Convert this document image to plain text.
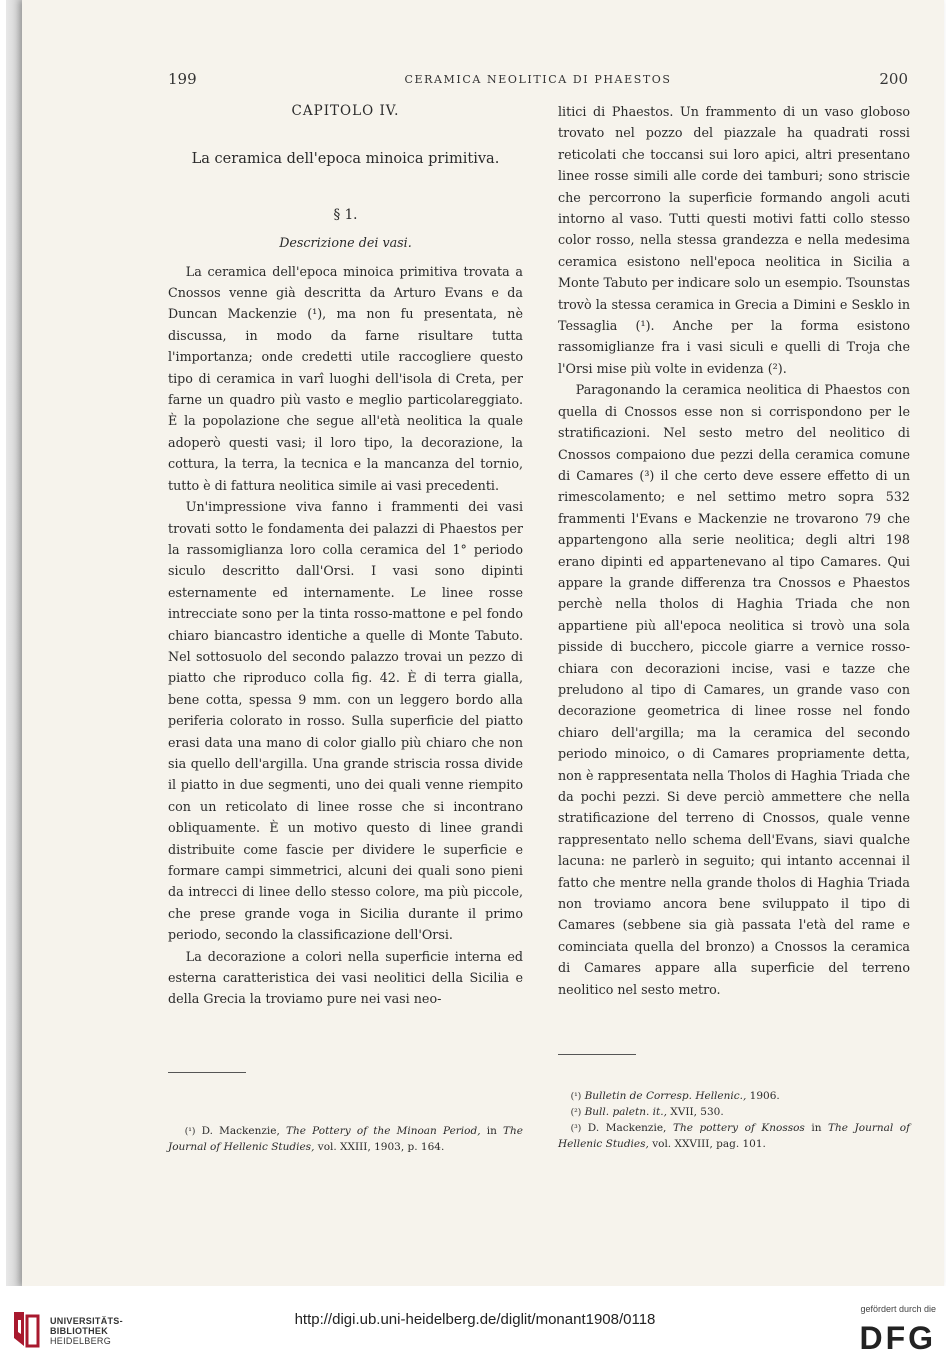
199	CERAMICA NEOLITICA DI PHAESTOS	200
CAPITOLO IV.
La ceramica dell'epoca minoica primitiva.
§ 1.
Descrizione dei vasi.

La ceramica dell'epoca minoica primitiva trovata a Cnossos venne già descritta da Arturo Evans e da Duncan Mackenzie (¹), ma non fu presentata, nè discussa, in modo da farne risultare tutta l'importanza; onde credetti utile raccogliere questo tipo di ceramica in varî luoghi dell'isola di Creta, per farne un quadro più vasto e meglio particolareggiato. È la popolazione che segue all'età neolitica la quale adoperò questi vasi; il loro tipo, la decorazione, la cottura, la terra, la tecnica e la mancanza del tornio, tutto è di fattura neolitica simile ai vasi precedenti.

Un'impressione viva fanno i frammenti dei vasi trovati sotto le fondamenta dei palazzi di Phaestos per la rassomiglianza loro colla ceramica del 1° periodo siculo descritto dall'Orsi. I vasi sono dipinti esternamente ed internamente. Le linee rosse intrecciate sono per la tinta rosso-mattone e pel fondo chiaro biancastro identiche a quelle di Monte Tabuto. Nel sottosuolo del secondo palazzo trovai un pezzo di piatto che riproduco colla fig. 42. È di terra gialla, bene cotta, spessa 9 mm. con un leggero bordo alla periferia colorato in rosso. Sulla superficie del piatto erasi data una mano di color giallo più chiaro che non sia quello dell'argilla. Una grande striscia rossa divide il piatto in due segmenti, uno dei quali venne riempito con un reticolato di linee rosse che si incontrano obliquamente. È un motivo questo di linee grandi distribuite come fascie per dividere le superficie e formare campi simmetrici, alcuni dei quali sono pieni da intrecci di linee dello stesso colore, ma più piccole, che prese grande voga in Sicilia durante il primo periodo, secondo la classificazione dell'Orsi.

La decorazione a colori nella superficie interna ed esterna caratteristica dei vasi neolitici della Sicilia e della Grecia la troviamo pure nei vasi neo-

litici di Phaestos. Un frammento di un vaso globoso trovato nel pozzo del piazzale ha quadrati rossi reticolati che toccansi sui loro apici, altri presentano linee rosse simili alle corde dei tamburi; sono striscie che percorrono la superficie formando angoli acuti intorno al vaso. Tutti questi motivi fatti collo stesso color rosso, nella stessa grandezza e nella medesima ceramica esistono nell'epoca neolitica in Sicilia a Monte Tabuto per indicare solo un esempio. Tsounstas trovò la stessa ceramica in Grecia a Dimini e Sesklo in Tessaglia (¹). Anche per la forma esistono rassomiglianze fra i vasi siculi e quelli di Troja che l'Orsi mise più volte in evidenza (²).

Paragonando la ceramica neolitica di Phaestos con quella di Cnossos esse non si corrispondono per le stratificazioni. Nel sesto metro del neolitico di Cnossos compaiono due pezzi della ceramica comune di Camares (³) il che certo deve essere effetto di un rimescolamento; e nel settimo metro sopra 532 frammenti l'Evans e Mackenzie ne trovarono 79 che appartengono alla serie neolitica; degli altri 198 erano dipinti ed appartenevano al tipo Camares. Qui appare la grande differenza tra Cnossos e Phaestos perchè nella tholos di Haghia Triada che non appartiene più all'epoca neolitica si trovò una sola pisside di bucchero, piccole giarre a vernice rosso-chiara con decorazioni incise, vasi e tazze che preludono al tipo di Camares, un grande vaso con decorazione geometrica di linee rosse nel fondo chiaro dell'argilla; ma la ceramica del secondo periodo minoico, o di Camares propriamente detta, non è rappresentata nella Tholos di Haghia Triada che da pochi pezzi. Si deve perciò ammettere che nella stratificazione del terreno di Cnossos, quale venne rappresentato nello schema dell'Evans, siavi qualche lacuna: ne parlerò in seguito; qui intanto accennai il fatto che mentre nella grande tholos di Haghia Triada non troviamo ancora bene sviluppato il tipo di Camares (sebbene sia già passata l'età del rame e cominciata quella del bronzo) a Cnossos la ceramica di Camares appare alla superficie del terreno neolitico nel sesto metro.

(¹) D. Mackenzie, The Pottery of the Minoan Period, in The Journal of Hellenic Studies, vol. XXIII, 1903, p. 164.

(¹) Bulletin de Corresp. Hellenic., 1906.

(²) Bull. paletn. it., XVII, 530.

(³) D. Mackenzie, The pottery of Knossos in The Journal of Hellenic Studies, vol. XXVIII, pag. 101.

UNIVERSITÄTS-
BIBLIOTHEK
HEIDELBERG
http://digi.ub.uni-heidelberg.de/diglit/monant1908/0118
gefördert durch die
DFG
